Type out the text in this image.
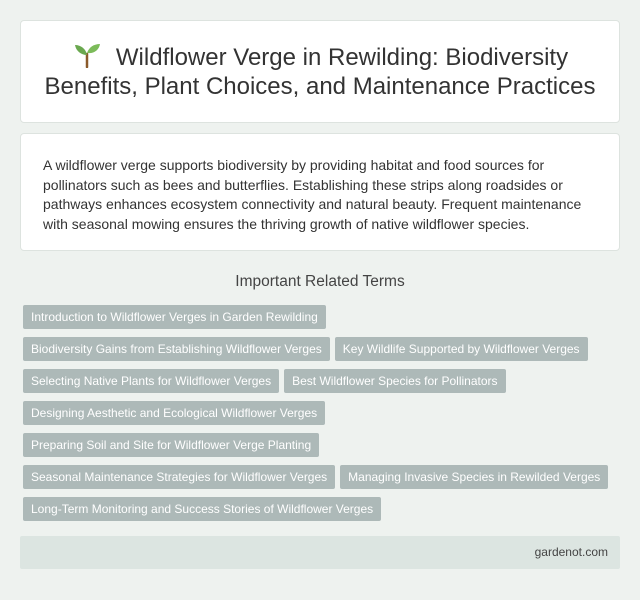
Wildflower Verge in Rewilding: Biodiversity Benefits, Plant Choices, and Maintenance Practices

A wildflower verge supports biodiversity by providing habitat and food sources for pollinators such as bees and butterflies. Establishing these strips along roadsides or pathways enhances ecosystem connectivity and natural beauty. Frequent maintenance with seasonal mowing ensures the thriving growth of native wildflower species.

Important Related Terms
Introduction to Wildflower Verges in Garden Rewilding
Biodiversity Gains from Establishing Wildflower Verges Key Wildlife Supported by Wildflower Verges
Selecting Native Plants for Wildflower Verges Best Wildflower Species for Pollinators
Designing Aesthetic and Ecological Wildflower Verges
Preparing Soil and Site for Wildflower Verge Planting
Seasonal Maintenance Strategies for Wildflower Verges Managing Invasive Species in Rewilded Verges
Long-Term Monitoring and Success Stories of Wildflower Verges
gardenot.com
